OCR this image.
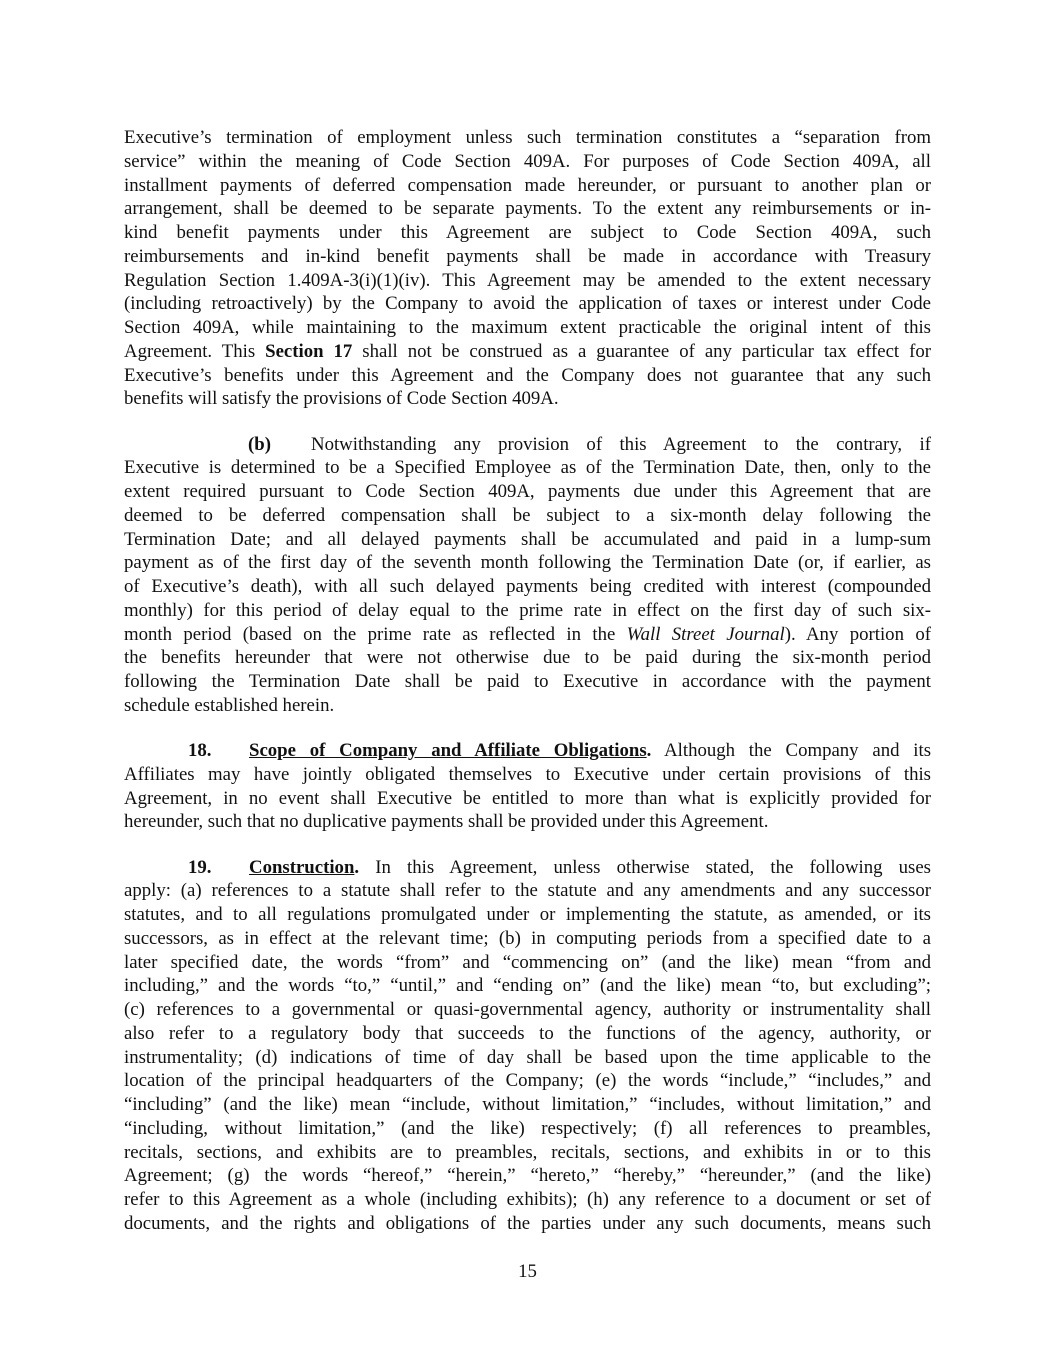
Executive’s termination of employment unless such termination constitutes a “separation from
service” within the meaning of Code Section 409A. For purposes of Code Section 409A, all
installment payments of deferred compensation made hereunder, or pursuant to another plan or
arrangement, shall be deemed to be separate payments. To the extent any reimbursements or in-
kind benefit payments under this Agreement are subject to Code Section 409A, such
reimbursements and in-kind benefit payments shall be made in accordance with Treasury
Regulation Section 1.409A-3(i)(1)(iv). This Agreement may be amended to the extent necessary
(including retroactively) by the Company to avoid the application of taxes or interest under Code
Section 409A, while maintaining to the maximum extent practicable the original intent of this
Agreement. This Section 17 shall not be construed as a guarantee of any particular tax effect for
Executive’s benefits under this Agreement and the Company does not guarantee that any such
benefits will satisfy the provisions of Code Section 409A.
(b) Notwithstanding any provision of this Agreement to the contrary, if
Executive is determined to be a Specified Employee as of the Termination Date, then, only to the
extent required pursuant to Code Section 409A, payments due under this Agreement that are
deemed to be deferred compensation shall be subject to a six-month delay following the
Termination Date; and all delayed payments shall be accumulated and paid in a lump-sum
payment as of the first day of the seventh month following the Termination Date (or, if earlier, as
of Executive’s death), with all such delayed payments being credited with interest (compounded
monthly) for this period of delay equal to the prime rate in effect on the first day of such six-
month period (based on the prime rate as reflected in the Wall Street Journal). Any portion of
the benefits hereunder that were not otherwise due to be paid during the six-month period
following the Termination Date shall be paid to Executive in accordance with the payment
schedule established herein.
18. Scope of Company and Affiliate Obligations. Although the Company and its
Affiliates may have jointly obligated themselves to Executive under certain provisions of this
Agreement, in no event shall Executive be entitled to more than what is explicitly provided for
hereunder, such that no duplicative payments shall be provided under this Agreement.
19. Construction. In this Agreement, unless otherwise stated, the following uses
apply: (a) references to a statute shall refer to the statute and any amendments and any successor
statutes, and to all regulations promulgated under or implementing the statute, as amended, or its
successors, as in effect at the relevant time; (b) in computing periods from a specified date to a
later specified date, the words “from” and “commencing on” (and the like) mean “from and
including,” and the words “to,” “until,” and “ending on” (and the like) mean “to, but excluding”;
(c) references to a governmental or quasi-governmental agency, authority or instrumentality shall
also refer to a regulatory body that succeeds to the functions of the agency, authority, or
instrumentality; (d) indications of time of day shall be based upon the time applicable to the
location of the principal headquarters of the Company; (e) the words “include,” “includes,” and
“including” (and the like) mean “include, without limitation,” “includes, without limitation,” and
“including, without limitation,” (and the like) respectively; (f) all references to preambles,
recitals, sections, and exhibits are to preambles, recitals, sections, and exhibits in or to this
Agreement; (g) the words “hereof,” “herein,” “hereto,” “hereby,” “hereunder,” (and the like)
refer to this Agreement as a whole (including exhibits); (h) any reference to a document or set of
documents, and the rights and obligations of the parties under any such documents, means such
15
